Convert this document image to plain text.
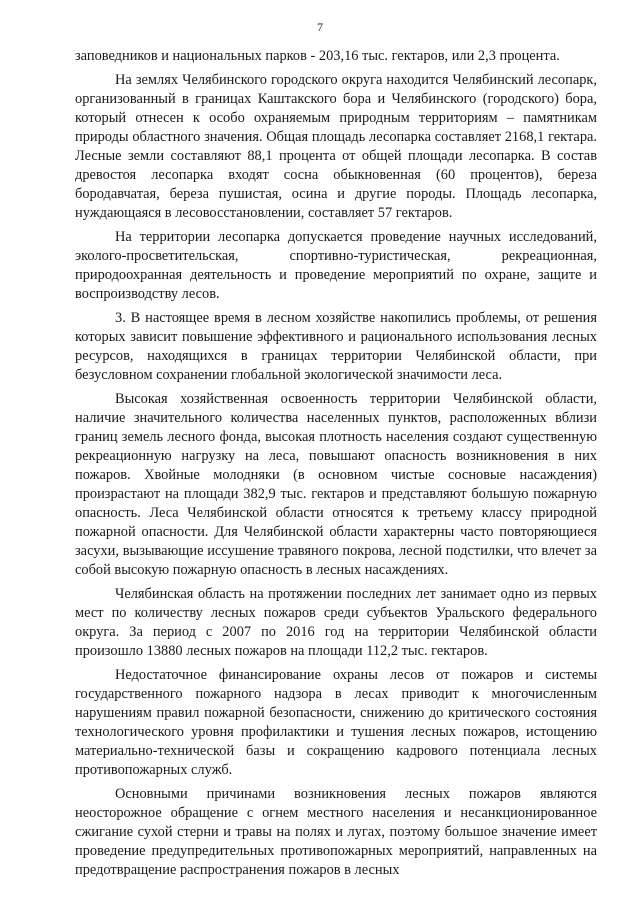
7

заповедников и национальных парков - 203,16 тыс. гектаров, или 2,3 процента.

На землях Челябинского городского округа находится Челябинский лесопарк, организованный в границах Каштакского бора и Челябинского (городского) бора, который отнесен к особо охраняемым природным территориям – памятникам природы областного значения. Общая площадь лесопарка составляет 2168,1 гектара. Лесные земли составляют 88,1 процента от общей площади лесопарка. В состав древостоя лесопарка входят сосна обыкновенная (60 процентов), береза бородавчатая, береза пушистая, осина и другие породы. Площадь лесопарка, нуждающаяся в лесовосстановлении, составляет 57 гектаров.

На территории лесопарка допускается проведение научных исследований, эколого-просветительская, спортивно-туристическая, рекреационная, природоохранная деятельность и проведение мероприятий по охране, защите и воспроизводству лесов.

3. В настоящее время в лесном хозяйстве накопились проблемы, от решения которых зависит повышение эффективного и рационального использования лесных ресурсов, находящихся в границах территории Челябинской области, при безусловном сохранении глобальной экологической значимости леса.

Высокая хозяйственная освоенность территории Челябинской области, наличие значительного количества населенных пунктов, расположенных вблизи границ земель лесного фонда, высокая плотность населения создают существенную рекреационную нагрузку на леса, повышают опасность возникновения в них пожаров. Хвойные молодняки (в основном чистые сосновые насаждения) произрастают на площади 382,9 тыс. гектаров и представляют большую пожарную опасность. Леса Челябинской области относятся к третьему классу природной пожарной опасности. Для Челябинской области характерны часто повторяющиеся засухи, вызывающие иссушение травяного покрова, лесной подстилки, что влечет за собой высокую пожарную опасность в лесных насаждениях.

Челябинская область на протяжении последних лет занимает одно из первых мест по количеству лесных пожаров среди субъектов Уральского федерального округа. За период с 2007 по 2016 год на территории Челябинской области произошло 13880 лесных пожаров на площади 112,2 тыс. гектаров.

Недостаточное финансирование охраны лесов от пожаров и системы государственного пожарного надзора в лесах приводит к многочисленным нарушениям правил пожарной безопасности, снижению до критического состояния технологического уровня профилактики и тушения лесных пожаров, истощению материально-технической базы и сокращению кадрового потенциала лесных противопожарных служб.

Основными причинами возникновения лесных пожаров являются неосторожное обращение с огнем местного населения и несанкционированное сжигание сухой стерни и травы на полях и лугах, поэтому большое значение имеет проведение предупредительных противопожарных мероприятий, направленных на предотвращение распространения пожаров в лесных
